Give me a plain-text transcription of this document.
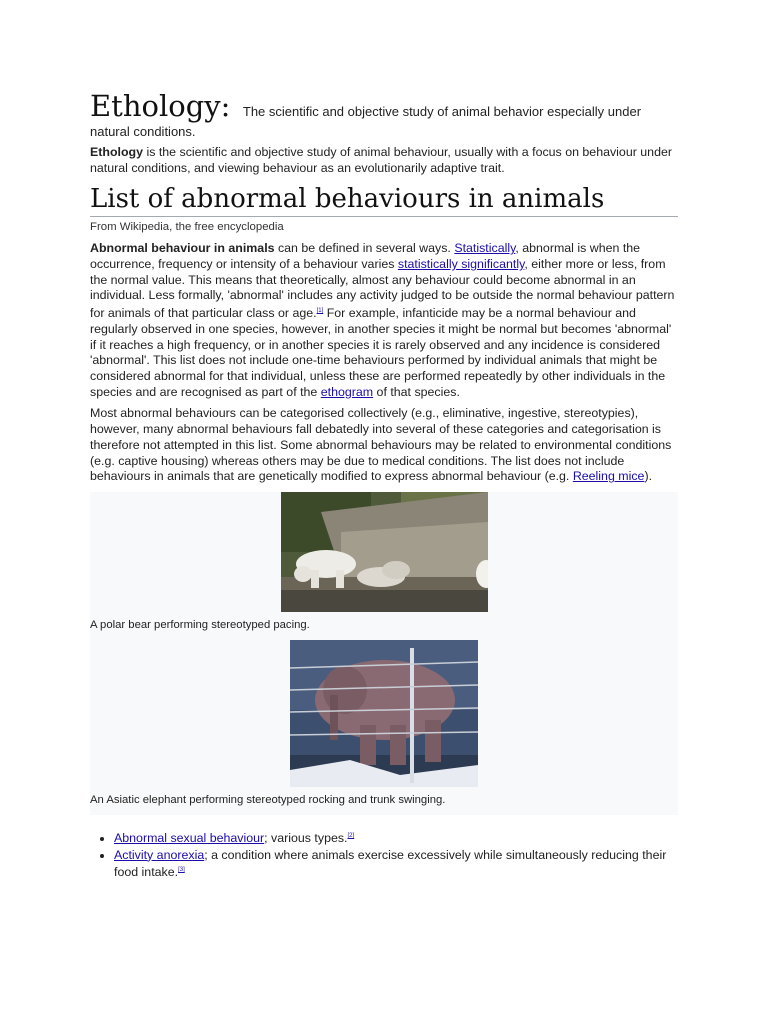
Ethology: The scientific and objective study of animal behavior especially under
natural conditions.

Ethology is the scientific and objective study of animal behaviour, usually with a focus on behaviour under natural conditions, and viewing behaviour as an evolutionarily adaptive trait.

List of abnormal behaviours in animals
From Wikipedia, the free encyclopedia

Abnormal behaviour in animals can be defined in several ways. Statistically, abnormal is when the occurrence, frequency or intensity of a behaviour varies statistically significantly, either more or less, from the normal value. This means that theoretically, almost any behaviour could become abnormal in an individual. Less formally, 'abnormal' includes any activity judged to be outside the normal behaviour pattern for animals of that particular class or age.[1] For example, infanticide may be a normal behaviour and regularly observed in one species, however, in another species it might be normal but becomes 'abnormal' if it reaches a high frequency, or in another species it is rarely observed and any incidence is considered 'abnormal'. This list does not include one-time behaviours performed by individual animals that might be considered abnormal for that individual, unless these are performed repeatedly by other individuals in the species and are recognised as part of the ethogram of that species.

Most abnormal behaviours can be categorised collectively (e.g., eliminative, ingestive, stereotypies), however, many abnormal behaviours fall debatedly into several of these categories and categorisation is therefore not attempted in this list. Some abnormal behaviours may be related to environmental conditions (e.g. captive housing) whereas others may be due to medical conditions. The list does not include behaviours in animals that are genetically modified to express abnormal behaviour (e.g. Reeling mice).

A polar bear performing stereotyped pacing.
An Asiatic elephant performing stereotyped rocking and trunk swinging.
• Abnormal sexual behaviour; various types.[2]
• Activity anorexia; a condition where animals exercise excessively while simultaneously reducing their food intake.[3]
